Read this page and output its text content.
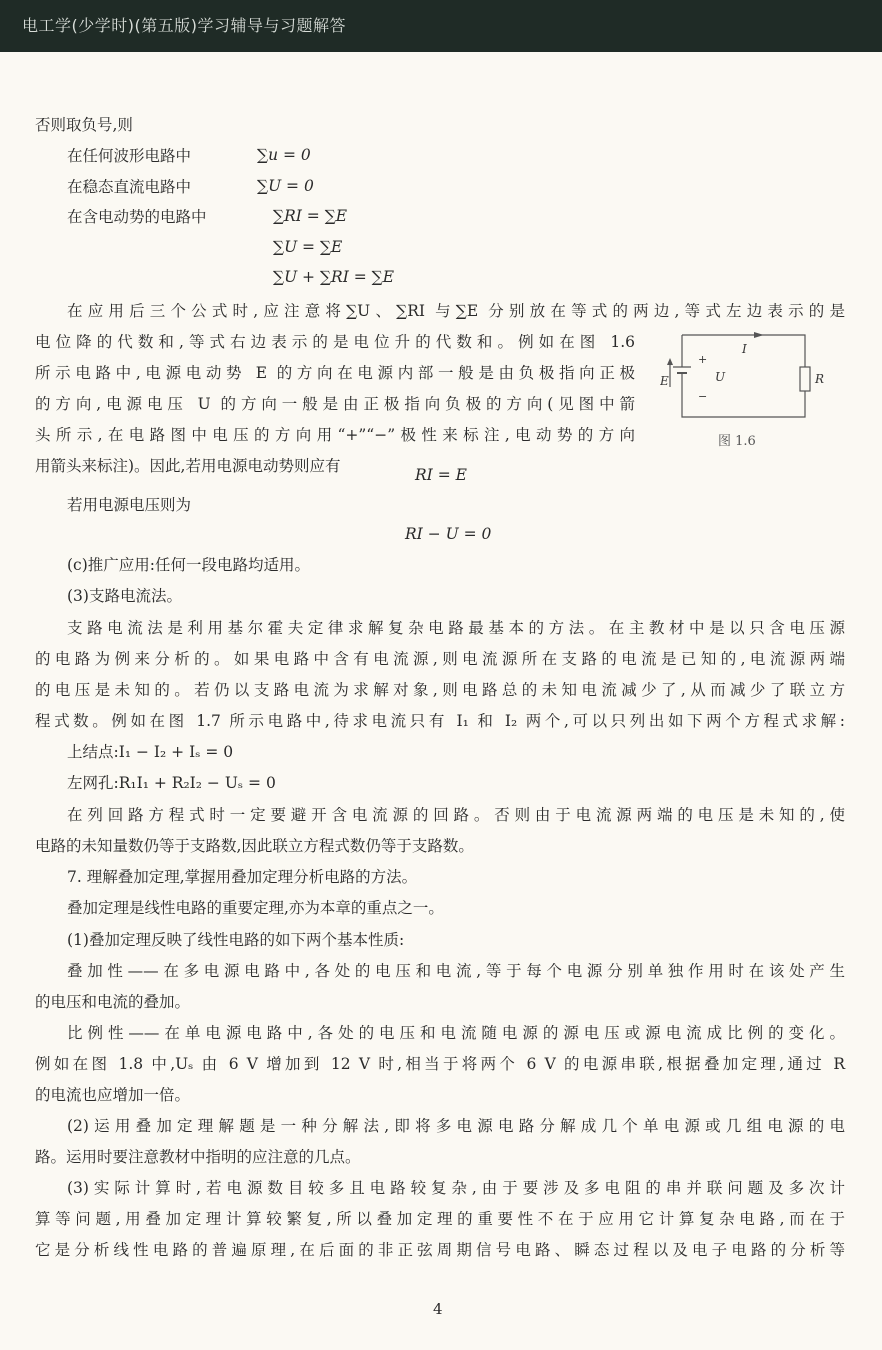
电工学(少学时)(第五版)学习辅导与习题解答
否则取负号,则
在任何波形电路中	∑u = 0
在稳态直流电路中	∑U = 0
在含电动势的电路中	∑RI = ∑E
∑U = ∑E
∑U + ∑RI = ∑E
在应用后三个公式时,应注意将∑U、∑RI 与∑E 分别放在等式的两边,等式左边表示的是
电位降的代数和,等式右边表示的是电位升的代数和。例如在图 1.6
所示电路中,电源电动势 E 的方向在电源内部一般是由负极指向正极
的方向,电源电压 U 的方向一般是由正极指向负极的方向(见图中箭
头所示,在电路图中电压的方向用“+”“−”极性来标注,电动势的方向
用箭头来标注)。因此,若用电源电动势则应有
E	U
+
−
I
R
图 1.6
RI = E
若用电源电压则为
RI − U = 0
(c)推广应用:任何一段电路均适用。
(3)支路电流法。
支路电流法是利用基尔霍夫定律求解复杂电路最基本的方法。在主教材中是以只含电压源
的电路为例来分析的。如果电路中含有电流源,则电流源所在支路的电流是已知的,电流源两端
的电压是未知的。若仍以支路电流为求解对象,则电路总的未知电流减少了,从而减少了联立方
程式数。例如在图 1.7 所示电路中,待求电流只有 I₁ 和 I₂ 两个,可以只列出如下两个方程式求解:
上结点:I₁ − I₂ + Iₛ = 0
左网孔:R₁I₁ + R₂I₂ − Uₛ = 0
在列回路方程式时一定要避开含电流源的回路。否则由于电流源两端的电压是未知的,使
电路的未知量数仍等于支路数,因此联立方程式数仍等于支路数。
7. 理解叠加定理,掌握用叠加定理分析电路的方法。
叠加定理是线性电路的重要定理,亦为本章的重点之一。
(1)叠加定理反映了线性电路的如下两个基本性质:
叠加性——在多电源电路中,各处的电压和电流,等于每个电源分别单独作用时在该处产生
的电压和电流的叠加。
比例性——在单电源电路中,各处的电压和电流随电源的源电压或源电流成比例的变化。
例如在图 1.8 中,Uₛ 由 6 V 增加到 12 V 时,相当于将两个 6 V 的电源串联,根据叠加定理,通过 R
的电流也应增加一倍。
(2)运用叠加定理解题是一种分解法,即将多电源电路分解成几个单电源或几组电源的电
路。运用时要注意教材中指明的应注意的几点。
(3)实际计算时,若电源数目较多且电路较复杂,由于要涉及多电阻的串并联问题及多次计
算等问题,用叠加定理计算较繁复,所以叠加定理的重要性不在于应用它计算复杂电路,而在于
它是分析线性电路的普遍原理,在后面的非正弦周期信号电路、瞬态过程以及电子电路的分析等
4
